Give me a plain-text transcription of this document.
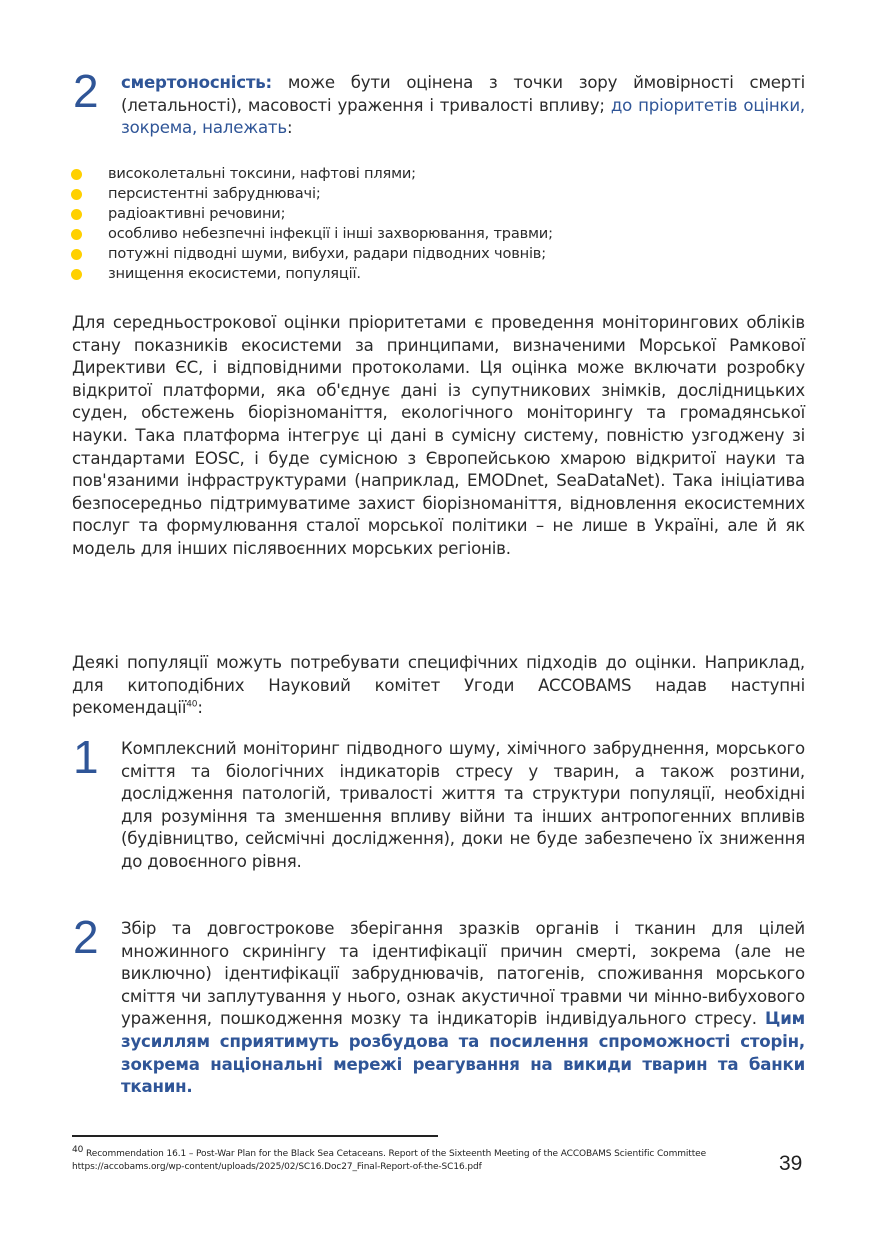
2 смертоносність: може бути оцінена з точки зору ймовірності смерті (летальності), масовості ураження і тривалості впливу; до пріоритетів оцінки, зокрема, належать:
високолетальні токсини, нафтові плями;
персистентні забруднювачі;
радіоактивні речовини;
особливо небезпечні інфекції і інші захворювання, травми;
потужні підводні шуми, вибухи, радари підводних човнів;
знищення екосистеми, популяції.

Для середньострокової оцінки пріоритетами є проведення моніторингових обліків стану показників екосистеми за принципами, визначеними Морської Рамкової Директиви ЄС, і відповідними протоколами. Ця оцінка може включати розробку відкритої платформи, яка об'єднує дані із супутникових знімків, дослідницьких суден, обстежень біорізноманіття, екологічного моніторингу та громадянської науки. Така платформа інтегрує ці дані в сумісну систему, повністю узгоджену зі стандартами EOSC, і буде сумісною з Європейською хмарою відкритої науки та пов'язаними інфраструктурами (наприклад, EMODnet, SeaDataNet). Така ініціатива безпосередньо підтримуватиме захист біорізноманіття, відновлення екосистемних послуг та формулювання сталої морської політики – не лише в Україні, але й як модель для інших післявоєнних морських регіонів.

Деякі популяції можуть потребувати специфічних підходів до оцінки. Наприклад, для китоподібних Науковий комітет Угоди ACCOBAMS надав наступні рекомендації$^{40}$:

1 Комплексний моніторинг підводного шуму, хімічного забруднення, морського сміття та біологічних індикаторів стресу у тварин, а також розтини, дослідження патологій, тривалості життя та структури популяції, необхідні для розуміння та зменшення впливу війни та інших антропогенних впливів (будівництво, сейсмічні дослідження), доки не буде забезпечено їх зниження до довоєнного рівня.
2 Збір та довгострокове зберігання зразків органів і тканин для цілей множинного скринінгу та ідентифікації причин смерті, зокрема (але не виключно) ідентифікації забруднювачів, патогенів, споживання морського сміття чи заплутування у нього, ознак акустичної травми чи мінно-вибухового ураження, пошкодження мозку та індикаторів індивідуального стресу. Цим зусиллям сприятимуть розбудова та посилення спроможності сторін, зокрема національні мережі реагування на викиди тварин та банки тканин.
$^{40}$ Recommendation 16.1 – Post-War Plan for the Black Sea Cetaceans. Report of the Sixteenth Meeting of the ACCOBAMS Scientific Committee https://accobams.org/wp-content/uploads/2025/02/SC16.Doc27_Final-Report-of-the-SC16.pdf	39
